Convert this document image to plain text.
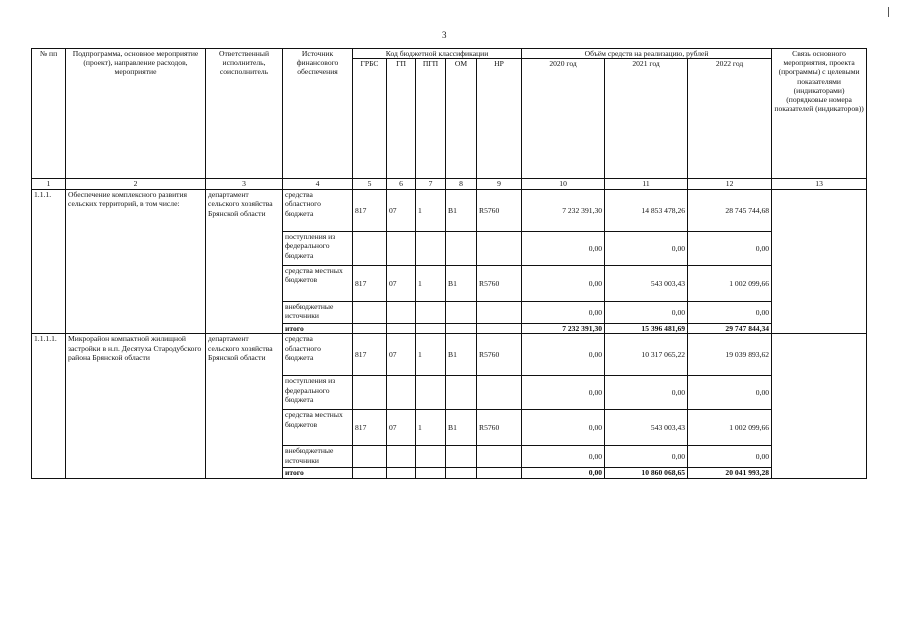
3
№ пп	Подпрограмма, основное мероприятие (проект), направление расходов, мероприятие	Ответственный исполнитель, соисполнитель	Источник финансового обеспечения	Код бюджетной классификации					Объём средств на реализацию, рублей			Связь основного мероприятия, проекта (программы) с целевыми показателями (индикаторами) (порядковые номера показателей (индикаторов))
				ГРБС	ГП	ПГП	ОМ	НР	2020 год	2021 год	2022 год	
1	2	3	4	5	6	7	8	9	10	11	12	13
1.1.1.	Обеспечение комплексного развития сельских территорий, в том числе:	департамент сельского хозяйства Брянской области	средства областного бюджета	817	07	1	В1	R5760	7 232 391,30	14 853 478,26	28 745 744,68	
			поступления из федерального бюджета						0,00	0,00	0,00	
			средства местных бюджетов	817	07	1	В1	R5760	0,00	543 003,43	1 002 099,66	
			внебюджетные источники						0,00	0,00	0,00	
			итого						7 232 391,30	15 396 481,69	29 747 844,34	
1.1.1.1.	Микрорайон компактной жилищной застройки в н.п. Десятуха Стародубского района Брянской области	департамент сельского хозяйства Брянской области	средства областного бюджета	817	07	1	В1	R5760	0,00	10 317 065,22	19 039 893,62	
			поступления из федерального бюджета						0,00	0,00	0,00	
			средства местных бюджетов	817	07	1	В1	R5760	0,00	543 003,43	1 002 099,66	
			внебюджетные источники						0,00	0,00	0,00	
			итого						0,00	10 860 068,65	20 041 993,28	
